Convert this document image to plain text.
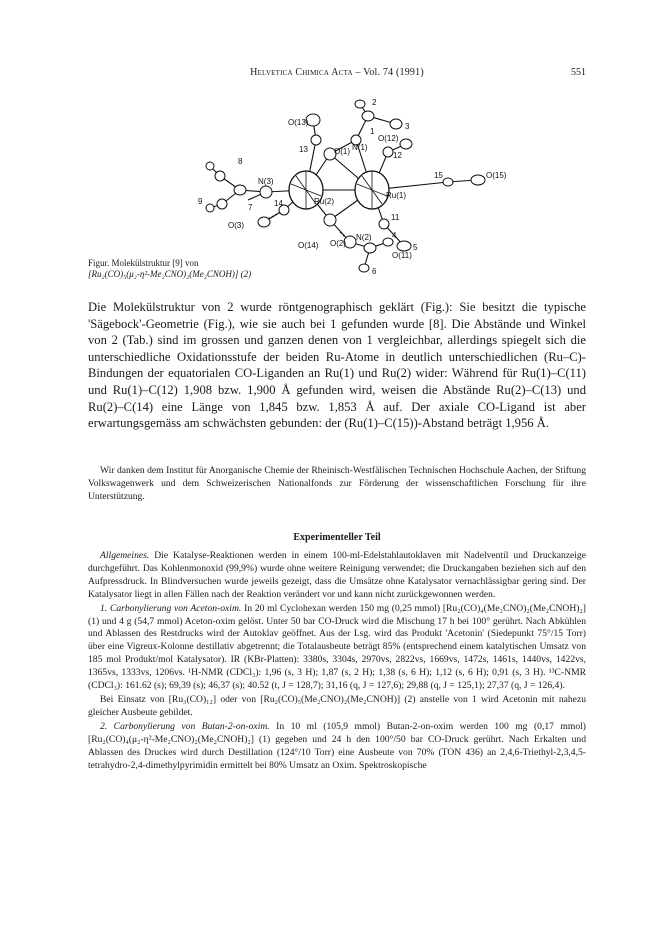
Helvetica Chimica Acta – Vol. 74 (1991)	551
O(13)
13	O(1) N(1)
O(12)
12
1
2
3
15	O(15)
Ru(1)
Ru(2)
11
O(11)
4
5
6
N(2)
O(2)
O(14)
14
O(3)
N(3)
7
8
9
Figur. Molekülstruktur [9] von
[Ru₂(CO)₅(μ₂-η²-Me₂CNO)₂(Me₂CNOH)] (2)
Die Molekülstruktur von 2 wurde röntgenographisch geklärt (Fig.): Sie besitzt die typische 'Sägebock'-Geometrie (Fig.), wie sie auch bei 1 gefunden wurde [8]. Die Abstände und Winkel von 2 (Tab.) sind im grossen und ganzen denen von 1 vergleichbar, allerdings spiegelt sich die unterschiedliche Oxidationsstufe der beiden Ru-Atome in deutlich unterschiedlichen (Ru–C)-Bindungen der equatorialen CO-Liganden an Ru(1) und Ru(2) wider: Während für Ru(1)–C(11) und Ru(1)–C(12) 1,908 bzw. 1,900 Å gefunden wird, weisen die Abstände Ru(2)–C(13) und Ru(2)–C(14) eine Länge von 1,845 bzw. 1,853 Å auf. Der axiale CO-Ligand ist aber erwartungsgemäss am schwächsten gebunden: der (Ru(1)–C(15))-Abstand beträgt 1,956 Å.
Wir danken dem Institut für Anorganische Chemie der Rheinisch-Westfälischen Technischen Hochschule Aachen, der Stiftung Volkswagenwerk und dem Schweizerischen Nationalfonds zur Förderung der wissenschaftlichen Forschung für ihre Unterstützung.
Experimenteller Teil

Allgemeines. Die Katalyse-Reaktionen werden in einem 100-ml-Edelstahlautoklaven mit Nadelventil und Druckanzeige durchgeführt. Das Kohlenmonoxid (99,9%) wurde ohne weitere Reinigung verwendet; die Druckangaben beziehen sich auf den Aufpressdruck. In Blindversuchen wurde jeweils gezeigt, dass die Umsätze ohne Katalysator vernachlässigbar gering sind. Der Katalysator liegt in allen Fällen nach der Reaktion verändert vor und kann nicht zurückgewonnen werden.

1. Carbonylierung von Aceton-oxim. In 20 ml Cyclohexan werden 150 mg (0,25 mmol) [Ru₂(CO)₄(Me₂CNO)₂(Me₂CNOH)₂] (1) und 4 g (54,7 mmol) Aceton-oxim gelöst. Unter 50 bar CO-Druck wird die Mischung 17 h bei 100° gerührt. Nach Abkühlen und Ablassen des Restdrucks wird der Autoklav geöffnet. Aus der Lsg. wird das Produkt 'Acetonin' (Siedepunkt 75°/15 Torr) über eine Vigreux-Kolonne destillativ abgetrennt; die Totalausbeute beträgt 85% (entsprechend einem katalytischen Umsatz von 185 mol Produkt/mol Katalysator). IR (KBr-Platten): 3380s, 3304s, 2970vs, 2822vs, 1669vs, 1472s, 1461s, 1440vs, 1422vs, 1365vs, 1333vs, 1206vs. ¹H-NMR (CDCl₃): 1,96 (s, 3 H); 1,87 (s, 2 H); 1,38 (s, 6 H); 1,12 (s, 6 H); 0,91 (s, 3 H). ¹³C-NMR (CDCl₃): 161.62 (s); 69,39 (s); 46,37 (s); 40.52 (t, J = 128,7); 31,16 (q, J = 127,6); 29,88 (q, J = 125,1); 27,37 (q, J = 126,4).

Bei Einsatz von [Ru₃(CO)₁₂] oder von [Ru₂(CO)₅(Me₂CNO)₂(Me₂CNOH)] (2) anstelle von 1 wird Acetonin mit nahezu gleicher Ausbeute gebildet.

2. Carbonylierung von Butan-2-on-oxim. In 10 ml (105,9 mmol) Butan-2-on-oxim werden 100 mg (0,17 mmol) [Ru₂(CO)₄(μ₂-η²-Me₂CNO)₂(Me₂CNOH)₂] (1) gegeben und 24 h den 100°/50 bar CO-Druck gerührt. Nach Erkalten und Ablassen des Druckes wird durch Destillation (124°/10 Torr) eine Ausbeute von 70% (TON 436) an 2,4,6-Triethyl-2,3,4,5-tetrahydro-2,4-dimethylpyrimidin ermittelt bei 80% Umsatz an Oxim. Spektroskopische
